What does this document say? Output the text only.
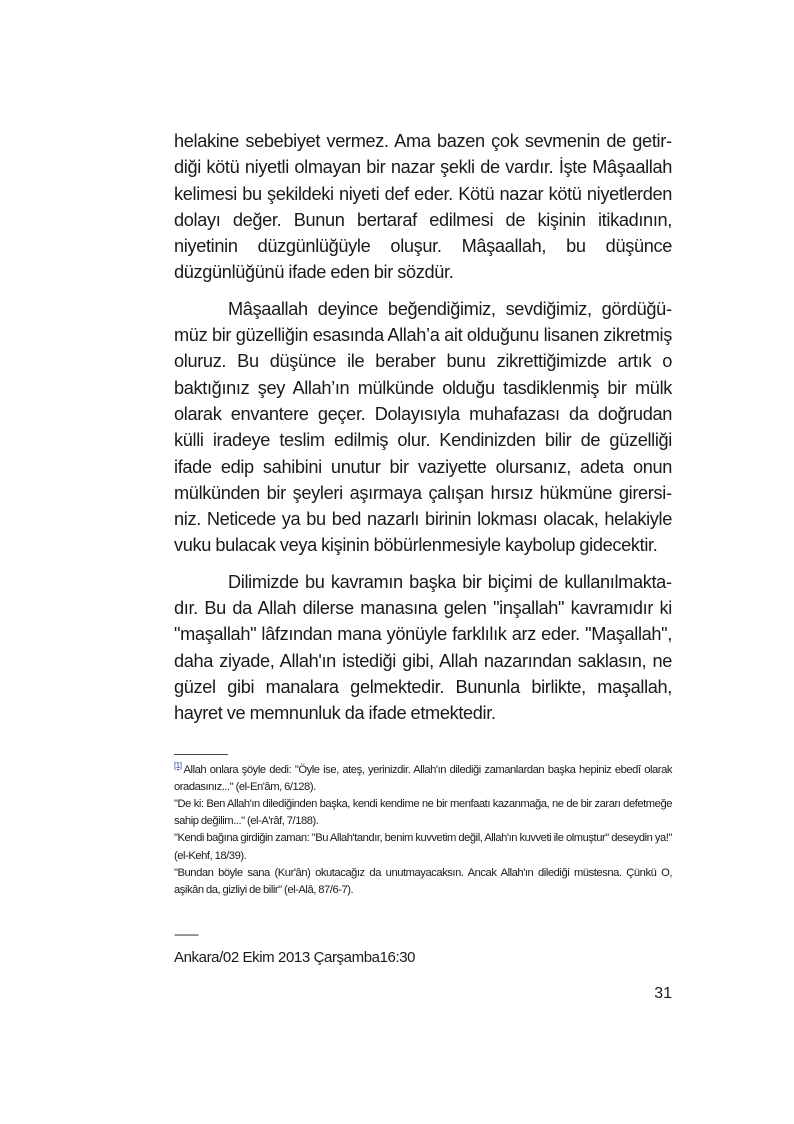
helakine sebebiyet vermez. Ama bazen çok sevmenin de getirdiği kötü niyetli olmayan bir nazar şekli de vardır. İşte Mâşaallah kelimesi bu şekildeki niyeti def eder. Kötü nazar kötü niyetlerden dolayı değer. Bunun bertaraf edilmesi de kişinin itikadının, niyetinin düzgünlüğüyle oluşur. Mâşaallah, bu düşünce düzgünlüğünü ifade eden bir sözdür.

Mâşaallah deyince beğendiğimiz, sevdiğimiz, gördüğümüz bir güzelliğin esasında Allah’a ait olduğunu lisanen zikretmiş oluruz. Bu düşünce ile beraber bunu zikrettiğimizde artık o baktığınız şey Allah’ın mülkünde olduğu tasdiklenmiş bir mülk olarak envantere geçer. Dolayısıyla muhafazası da doğrudan külli iradeye teslim edilmiş olur. Kendinizden bilir de güzelliği ifade edip sahibini unutur bir vaziyette olursanız, adeta onun mülkünden bir şeyleri aşırmaya çalışan hırsız hükmüne girersiniz. Neticede ya bu bed nazarlı birinin lokması olacak, helakiyle vuku bulacak veya kişinin böbürlenmesiyle kaybolup gidecektir.

Dilimizde bu kavramın başka bir biçimi de kullanılmaktadır. Bu da Allah dilerse manasına gelen "inşallah" kavramıdır ki "maşallah" lâfzından mana yönüyle farklılık arz eder. "Maşallah", daha ziyade, Allah'ın istediği gibi, Allah nazarından saklasın, ne güzel gibi manalara gelmektedir. Bununla birlikte, maşallah, hayret ve memnunluk da ifade etmektedir.

[1] Allah onlara şöyle dedi: "Öyle ise, ateş, yerinizdir. Allah'ın dilediği zamanlardan başka hepiniz ebedî olarak oradasınız..." (el-En'âm, 6/128).

"De ki: Ben Allah'ın dilediğinden başka, kendi kendime ne bir menfaatı kazanmağa, ne de bir zararı defetmeğe sahip değilim..." (el-A'râf, 7/188).

"Kendi bağına girdiğin zaman: "Bu Allah'tandır, benim kuvvetim değil, Allah'ın kuvveti ile olmuştur" deseydin ya!" (el-Kehf, 18/39).

"Bundan böyle sana (Kur'ân) okutacağız da unutmayacaksın. Ancak Allah'ın dilediği müstesna. Çünkü O, aşikân da, gizliyi de bilir" (el-Alâ, 87/6-7).

--------
Ankara/02 Ekim 2013 Çarşamba16:30
31
